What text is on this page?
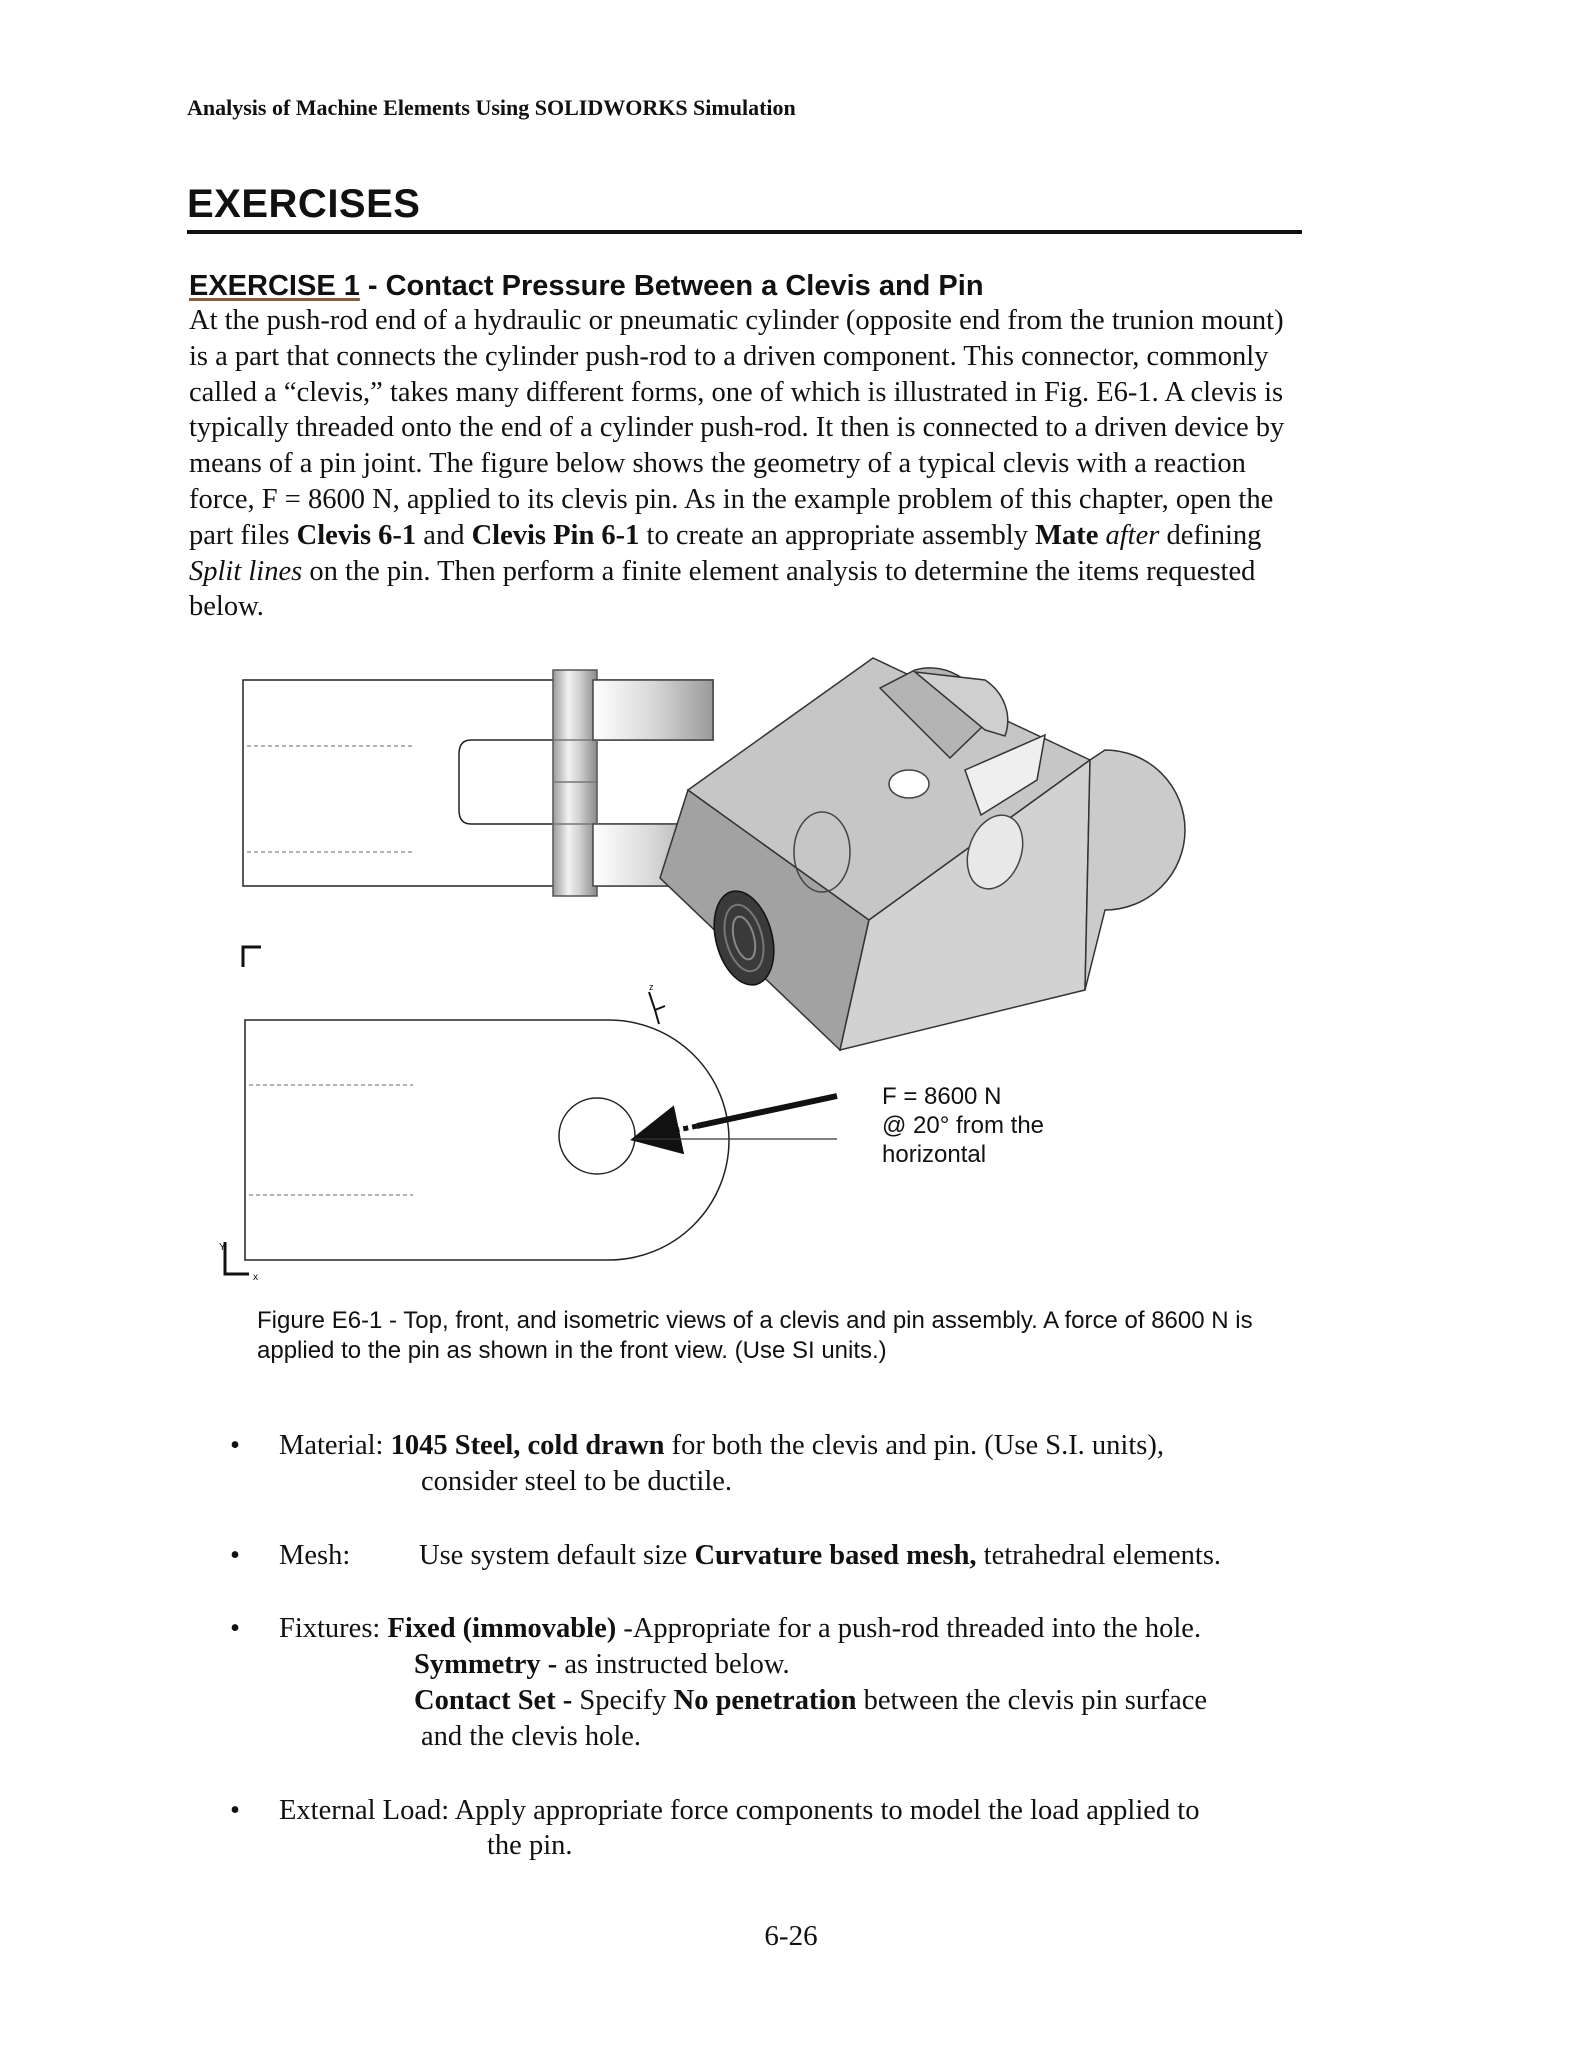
Analysis of Machine Elements Using SOLIDWORKS Simulation
EXERCISES
EXERCISE 1 - Contact Pressure Between a Clevis and Pin

At the push-rod end of a hydraulic or pneumatic cylinder (opposite end from the trunion mount) is a part that connects the cylinder push-rod to a driven component. This connector, commonly called a “clevis,” takes many different forms, one of which is illustrated in Fig. E6-1. A clevis is typically threaded onto the end of a cylinder push-rod. It then is connected to a driven device by means of a pin joint. The figure below shows the geometry of a typical clevis with a reaction force, F = 8600 N, applied to its clevis pin. As in the example problem of this chapter, open the part files Clevis 6-1 and Clevis Pin 6-1 to create an appropriate assembly Mate after defining Split lines on the pin. Then perform a finite element analysis to determine the items requested below.

Y
x
z
F = 8600 N
@ 20° from the
horizontal
Figure E6-1 - Top, front, and isometric views of a clevis and pin assembly. A force of 8600 N is applied to the pin as shown in the front view. (Use SI units.)
• Material: 1045 Steel, cold drawn for both the clevis and pin. (Use S.I. units),
consider steel to be ductile.
• Mesh: Use system default size Curvature based mesh, tetrahedral elements.
• Fixtures: Fixed (immovable) -Appropriate for a push-rod threaded into the hole.
Symmetry - as instructed below.
Contact Set - Specify No penetration between the clevis pin surface
and the clevis hole.
• External Load: Apply appropriate force components to model the load applied to
the pin.
6-26
